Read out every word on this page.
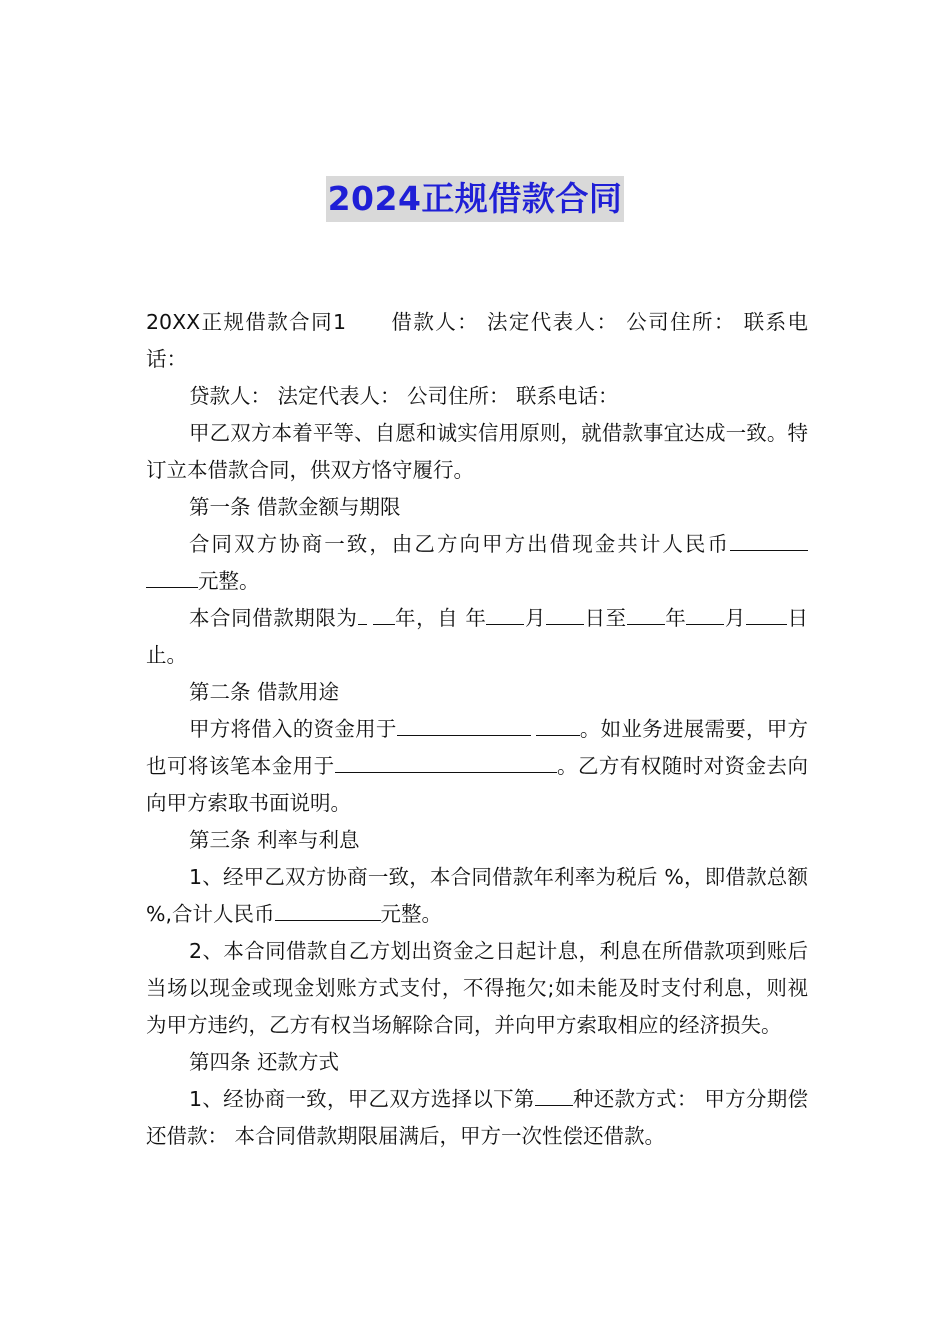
2024正规借款合同

20XX正规借款合同1 借款人： 法定代表人： 公司住所： 联系电话：

贷款人： 法定代表人： 公司住所： 联系电话：

甲乙双方本着平等、自愿和诚实信用原则，就借款事宜达成一致。特订立本借款合同，供双方恪守履行。

第一条 借款金额与期限

合同双方协商一致，由乙方向甲方出借现金共计人民币元整。

本合同借款期限为 年，自 年 月 日至 年 月 日止。

第二条 借款用途

甲方将借入的资金用于	。如业务进展需要，甲方也可将该笔本金用于	。乙方有权随时对资金去向向甲方索取书面说明。

第三条 利率与利息

1、经甲乙双方协商一致，本合同借款年利率为税后 %，即借款总额 %,合计人民币	元整。

2、本合同借款自乙方划出资金之日起计息，利息在所借款项到账后当场以现金或现金划账方式支付，不得拖欠;如未能及时支付利息，则视为甲方违约，乙方有权当场解除合同，并向甲方索取相应的经济损失。

第四条 还款方式

1、经协商一致，甲乙双方选择以下第 种还款方式： 甲方分期偿还借款： 本合同借款期限届满后，甲方一次性偿还借款。
